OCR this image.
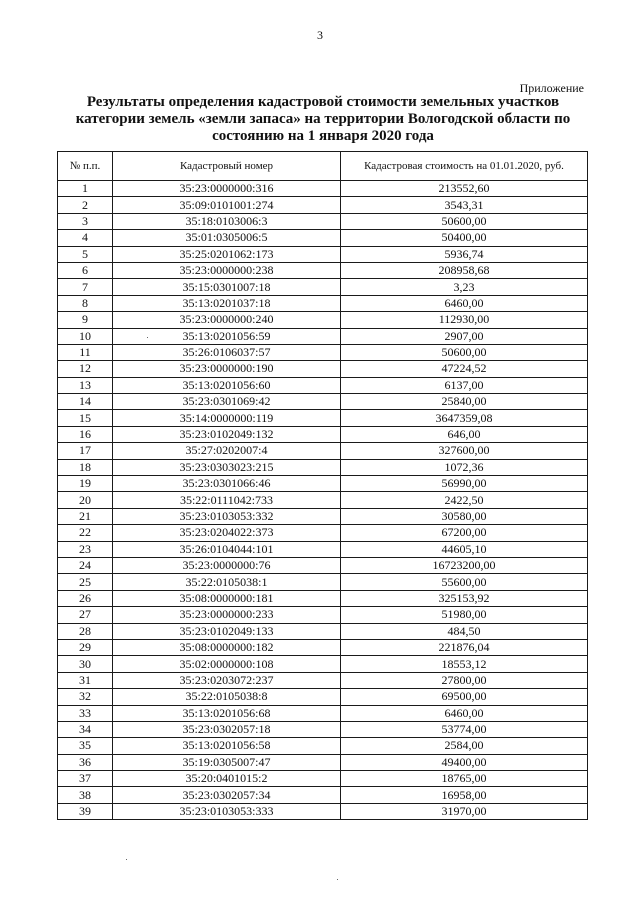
3
Приложение
Результаты определения кадастровой стоимости земельных участков
категории земель «земли запаса» на территории Вологодской области по
состоянию на 1 января 2020 года
№ п.п.	Кадастровый номер	Кадастровая стоимость на 01.01.2020, руб.
1	35:23:0000000:316	213552,60
2	35:09:0101001:274	3543,31
3	35:18:0103006:3	50600,00
4	35:01:0305006:5	50400,00
5	35:25:0201062:173	5936,74
6	35:23:0000000:238	208958,68
7	35:15:0301007:18	3,23
8	35:13:0201037:18	6460,00
9	35:23:0000000:240	112930,00
10	35:13:0201056:59	2907,00
11	35:26:0106037:57	50600,00
12	35:23:0000000:190	47224,52
13	35:13:0201056:60	6137,00
14	35:23:0301069:42	25840,00
15	35:14:0000000:119	3647359,08
16	35:23:0102049:132	646,00
17	35:27:0202007:4	327600,00
18	35:23:0303023:215	1072,36
19	35:23:0301066:46	56990,00
20	35:22:0111042:733	2422,50
21	35:23:0103053:332	30580,00
22	35:23:0204022:373	67200,00
23	35:26:0104044:101	44605,10
24	35:23:0000000:76	16723200,00
25	35:22:0105038:1	55600,00
26	35:08:0000000:181	325153,92
27	35:23:0000000:233	51980,00
28	35:23:0102049:133	484,50
29	35:08:0000000:182	221876,04
30	35:02:0000000:108	18553,12
31	35:23:0203072:237	27800,00
32	35:22:0105038:8	69500,00
33	35:13:0201056:68	6460,00
34	35:23:0302057:18	53774,00
35	35:13:0201056:58	2584,00
36	35:19:0305007:47	49400,00
37	35:20:0401015:2	18765,00
38	35:23:0302057:34	16958,00
39	35:23:0103053:333	31970,00
